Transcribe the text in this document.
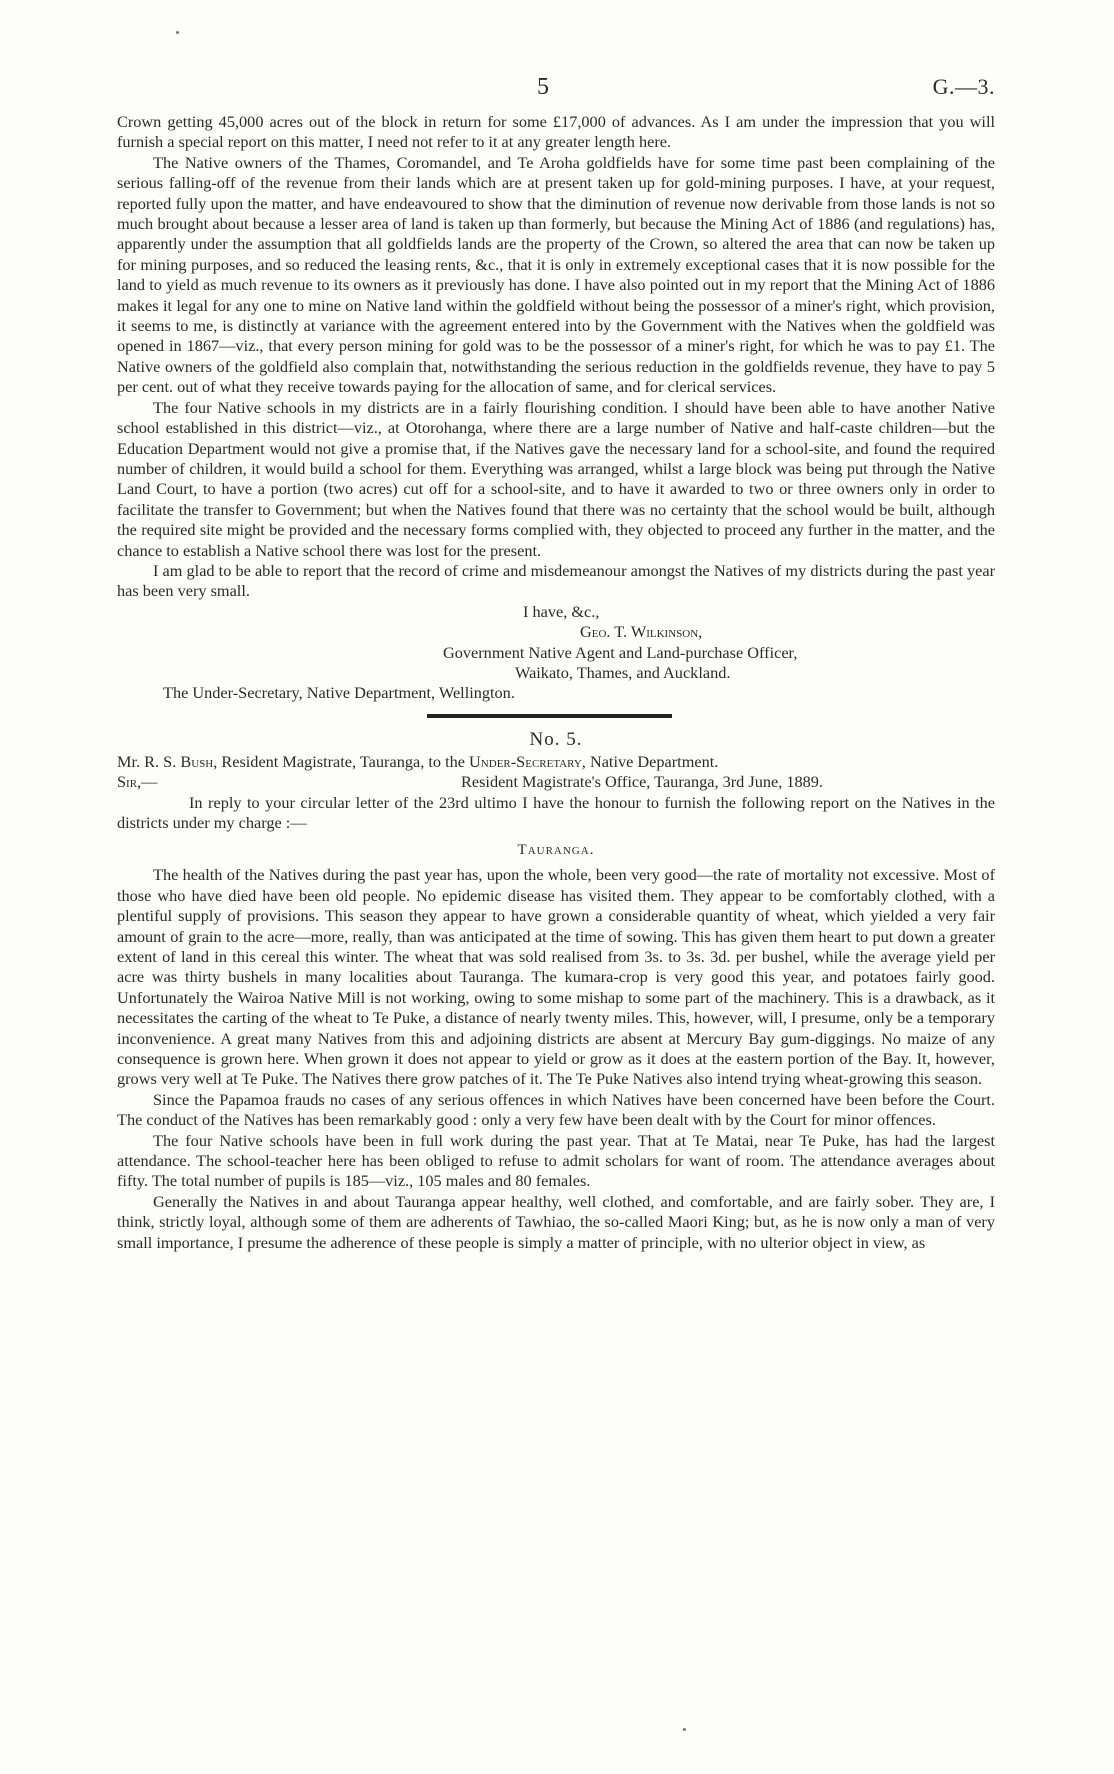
5	G.—3.

Crown getting 45,000 acres out of the block in return for some £17,000 of advances. As I am under the impression that you will furnish a special report on this matter, I need not refer to it at any greater length here.

The Native owners of the Thames, Coromandel, and Te Aroha goldfields have for some time past been complaining of the serious falling-off of the revenue from their lands which are at present taken up for gold-mining purposes. I have, at your request, reported fully upon the matter, and have endeavoured to show that the diminution of revenue now derivable from those lands is not so much brought about because a lesser area of land is taken up than formerly, but because the Mining Act of 1886 (and regulations) has, apparently under the assumption that all goldfields lands are the property of the Crown, so altered the area that can now be taken up for mining purposes, and so reduced the leasing rents, &c., that it is only in extremely exceptional cases that it is now possible for the land to yield as much revenue to its owners as it previously has done. I have also pointed out in my report that the Mining Act of 1886 makes it legal for any one to mine on Native land within the goldfield without being the possessor of a miner's right, which provision, it seems to me, is distinctly at variance with the agreement entered into by the Government with the Natives when the goldfield was opened in 1867—viz., that every person mining for gold was to be the possessor of a miner's right, for which he was to pay £1. The Native owners of the goldfield also complain that, notwithstanding the serious reduction in the goldfields revenue, they have to pay 5 per cent. out of what they receive towards paying for the allocation of same, and for clerical services.

The four Native schools in my districts are in a fairly flourishing condition. I should have been able to have another Native school established in this district—viz., at Otorohanga, where there are a large number of Native and half-caste children—but the Education Department would not give a promise that, if the Natives gave the necessary land for a school-site, and found the required number of children, it would build a school for them. Everything was arranged, whilst a large block was being put through the Native Land Court, to have a portion (two acres) cut off for a school-site, and to have it awarded to two or three owners only in order to facilitate the transfer to Government; but when the Natives found that there was no certainty that the school would be built, although the required site might be provided and the necessary forms complied with, they objected to proceed any further in the matter, and the chance to establish a Native school there was lost for the present.

I am glad to be able to report that the record of crime and misdemeanour amongst the Natives of my districts during the past year has been very small.

I have, &c.,
Geo. T. Wilkinson,
Government Native Agent and Land-purchase Officer,
Waikato, Thames, and Auckland.
The Under-Secretary, Native Department, Wellington.
No. 5.
Mr. R. S. Bush, Resident Magistrate, Tauranga, to the Under-Secretary, Native Department.
Sir,—	Resident Magistrate's Office, Tauranga, 3rd June, 1889.

In reply to your circular letter of the 23rd ultimo I have the honour to furnish the following report on the Natives in the districts under my charge :—

Tauranga.

The health of the Natives during the past year has, upon the whole, been very good—the rate of mortality not excessive. Most of those who have died have been old people. No epidemic disease has visited them. They appear to be comfortably clothed, with a plentiful supply of provisions. This season they appear to have grown a considerable quantity of wheat, which yielded a very fair amount of grain to the acre—more, really, than was anticipated at the time of sowing. This has given them heart to put down a greater extent of land in this cereal this winter. The wheat that was sold realised from 3s. to 3s. 3d. per bushel, while the average yield per acre was thirty bushels in many localities about Tauranga. The kumara-crop is very good this year, and potatoes fairly good. Unfortunately the Wairoa Native Mill is not working, owing to some mishap to some part of the machinery. This is a drawback, as it necessitates the carting of the wheat to Te Puke, a distance of nearly twenty miles. This, however, will, I presume, only be a temporary inconvenience. A great many Natives from this and adjoining districts are absent at Mercury Bay gum-diggings. No maize of any consequence is grown here. When grown it does not appear to yield or grow as it does at the eastern portion of the Bay. It, however, grows very well at Te Puke. The Natives there grow patches of it. The Te Puke Natives also intend trying wheat-growing this season.

Since the Papamoa frauds no cases of any serious offences in which Natives have been concerned have been before the Court. The conduct of the Natives has been remarkably good : only a very few have been dealt with by the Court for minor offences.

The four Native schools have been in full work during the past year. That at Te Matai, near Te Puke, has had the largest attendance. The school-teacher here has been obliged to refuse to admit scholars for want of room. The attendance averages about fifty. The total number of pupils is 185—viz., 105 males and 80 females.

Generally the Natives in and about Tauranga appear healthy, well clothed, and comfortable, and are fairly sober. They are, I think, strictly loyal, although some of them are adherents of Tawhiao, the so-called Maori King; but, as he is now only a man of very small importance, I presume the adherence of these people is simply a matter of principle, with no ulterior object in view, as
